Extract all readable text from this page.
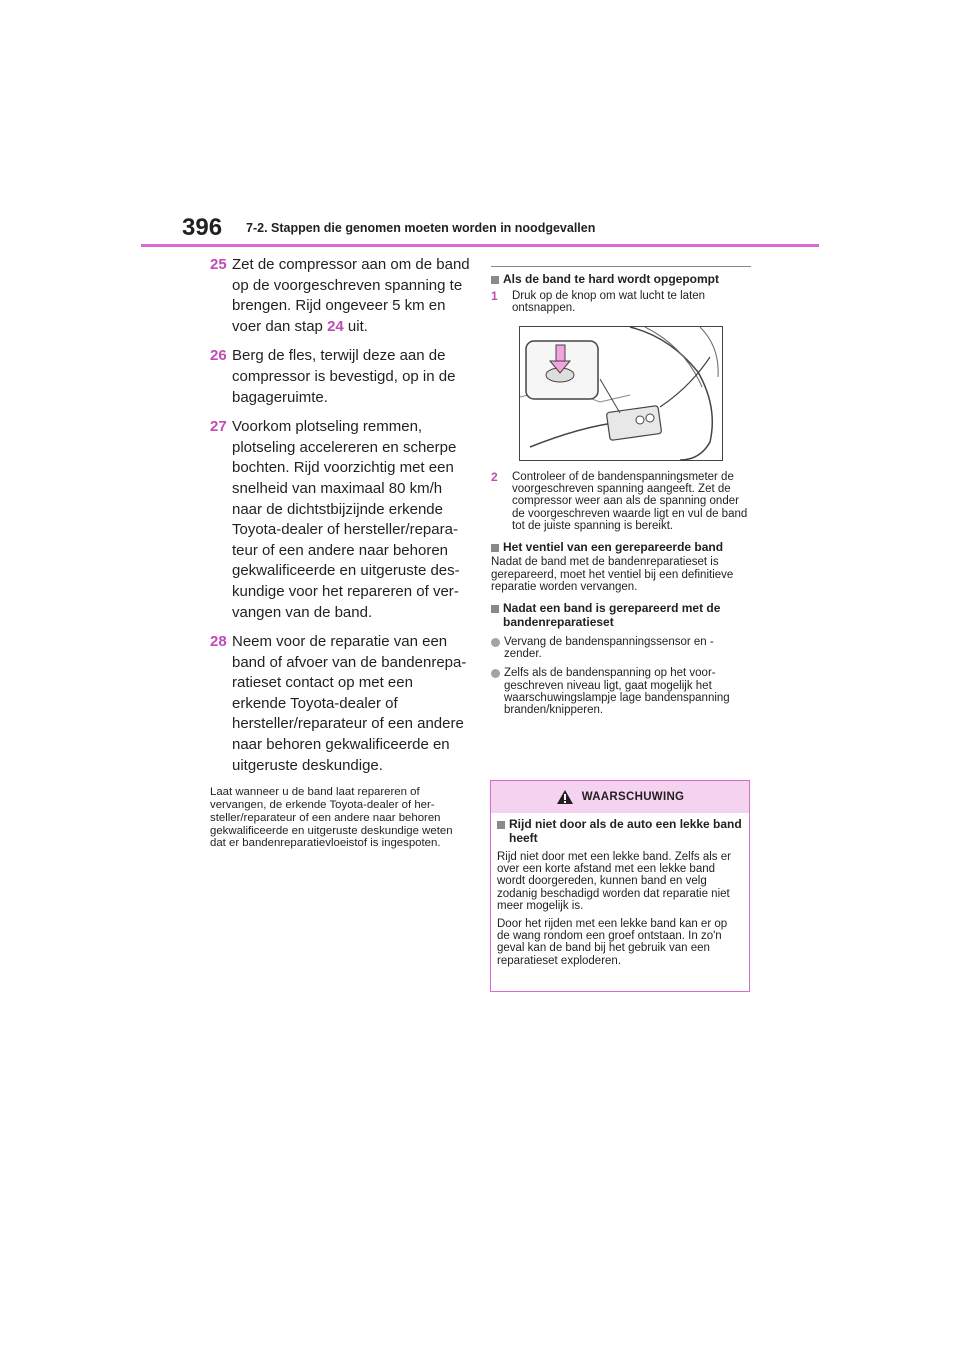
396 7-2. Stappen die genomen moeten worden in noodgevallen
25 Zet de compressor aan om de band op de voorgeschreven spanning te brengen. Rijd ongeveer 5 km en voer dan stap 24 uit.
26 Berg de fles, terwijl deze aan de compressor is bevestigd, op in de bagageruimte.
27 Voorkom plotseling remmen, plotseling accelereren en scherpe bochten. Rijd voorzichtig met een snelheid van maximaal 80 km/h naar de dichtstbijzijnde erkende Toyota-dealer of hersteller/reparateur of een andere naar behoren gekwalificeerde en uitgeruste deskundige voor het repareren of vervangen van de band.
28 Neem voor de reparatie van een band of afvoer van de bandenreparatieset contact op met een erkende Toyota-dealer of hersteller/reparateur of een andere naar behoren gekwalificeerde en uitgeruste deskundige.
Laat wanneer u de band laat repareren of vervangen, de erkende Toyota-dealer of hersteller/reparateur of een andere naar behoren gekwalificeerde en uitgeruste deskundige weten dat er bandenreparatievloeistof is ingespoten.
Als de band te hard wordt opgepompt
1	Druk op de knop om wat lucht te laten ontsnappen.
2	Controleer of de bandenspanningsmeter de voorgeschreven spanning aangeeft. Zet de compressor weer aan als de spanning onder de voorgeschreven waarde ligt en vul de band tot de juiste spanning is bereikt.
Het ventiel van een gerepareerde band
Nadat de band met de bandenreparatieset is gerepareerd, moet het ventiel bij een definitieve reparatie worden vervangen.
Nadat een band is gerepareerd met de bandenreparatieset
Vervang de bandenspanningssensor en -zender.
Zelfs als de bandenspanning op het voorgeschreven niveau ligt, gaat mogelijk het waarschuwingslampje lage bandenspanning branden/knipperen.
WAARSCHUWING
Rijd niet door als de auto een lekke band heeft
Rijd niet door met een lekke band. Zelfs als er over een korte afstand met een lekke band wordt doorgereden, kunnen band en velg zodanig beschadigd worden dat reparatie niet meer mogelijk is.
Door het rijden met een lekke band kan er op de wang rondom een groef ontstaan. In zo'n geval kan de band bij het gebruik van een reparatieset exploderen.
